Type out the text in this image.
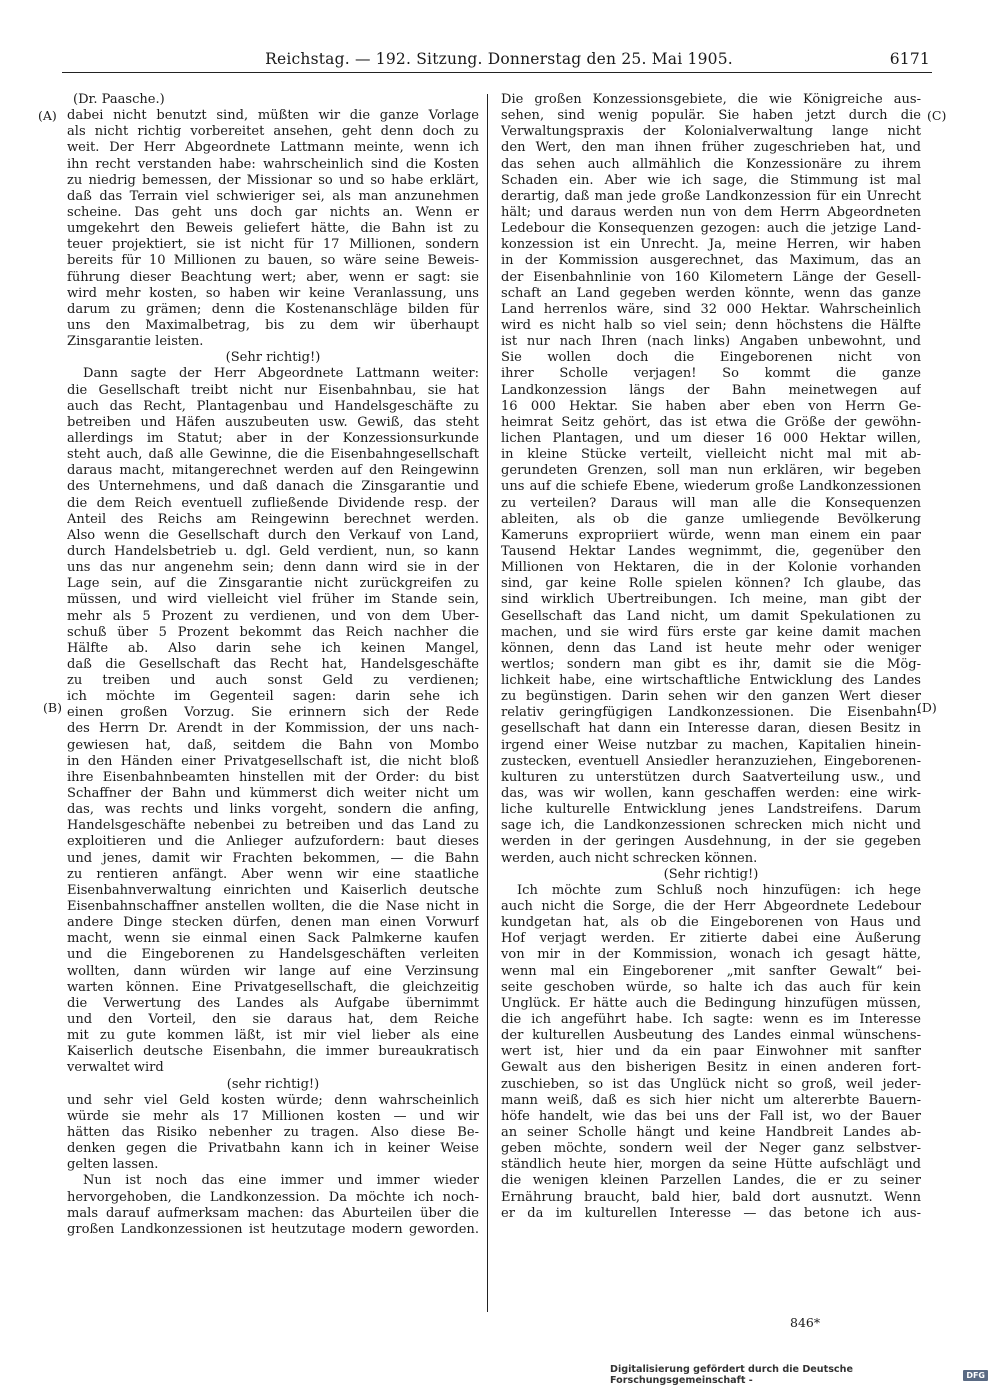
Reichstag. — 192. Sitzung. Donnerstag den 25. Mai 1905.	6171
(A)
(B)
(C)
(D)
(Dr. Paasche.)
dabei nicht benutzt sind, müßten wir die ganze Vorlage
als nicht richtig vorbereitet ansehen, geht denn doch zu
weit. Der Herr Abgeordnete Lattmann meinte, wenn ich
ihn recht verstanden habe: wahrscheinlich sind die Kosten
zu niedrig bemessen, der Missionar so und so habe erklärt,
daß das Terrain viel schwieriger sei, als man anzunehmen
scheine. Das geht uns doch gar nichts an. Wenn er
umgekehrt den Beweis geliefert hätte, die Bahn ist zu
teuer projektiert, sie ist nicht für 17 Millionen, sondern
bereits für 10 Millionen zu bauen, so wäre seine Beweis-
führung dieser Beachtung wert; aber, wenn er sagt: sie
wird mehr kosten, so haben wir keine Veranlassung, uns
darum zu grämen; denn die Kostenanschläge bilden für
uns den Maximalbetrag, bis zu dem wir überhaupt
Zinsgarantie leisten.
(Sehr richtig!)
Dann sagte der Herr Abgeordnete Lattmann weiter:
die Gesellschaft treibt nicht nur Eisenbahnbau, sie hat
auch das Recht, Plantagenbau und Handelsgeschäfte zu
betreiben und Häfen auszubeuten usw. Gewiß, das steht
allerdings im Statut; aber in der Konzessionsurkunde
steht auch, daß alle Gewinne, die die Eisenbahngesellschaft
daraus macht, mitangerechnet werden auf den Reingewinn
des Unternehmens, und daß danach die Zinsgarantie und
die dem Reich eventuell zufließende Dividende resp. der
Anteil des Reichs am Reingewinn berechnet werden.
Also wenn die Gesellschaft durch den Verkauf von Land,
durch Handelsbetrieb u. dgl. Geld verdient, nun, so kann
uns das nur angenehm sein; denn dann wird sie in der
Lage sein, auf die Zinsgarantie nicht zurückgreifen zu
müssen, und wird vielleicht viel früher im Stande sein,
mehr als 5 Prozent zu verdienen, und von dem Über-
schuß über 5 Prozent bekommt das Reich nachher die
Hälfte ab. Also darin sehe ich keinen Mangel,
daß die Gesellschaft das Recht hat, Handelsgeschäfte
zu treiben und auch sonst Geld zu verdienen;
ich möchte im Gegenteil sagen: darin sehe ich
einen großen Vorzug. Sie erinnern sich der Rede
des Herrn Dr. Arendt in der Kommission, der uns nach-
gewiesen hat, daß, seitdem die Bahn von Mombo
in den Händen einer Privatgesellschaft ist, die nicht bloß
ihre Eisenbahnbeamten hinstellen mit der Order: du bist
Schaffner der Bahn und kümmerst dich weiter nicht um
das, was rechts und links vorgeht, sondern die anfing,
Handelsgeschäfte nebenbei zu betreiben und das Land zu
exploitieren und die Anlieger aufzufordern: baut dieses
und jenes, damit wir Frachten bekommen, — die Bahn
zu rentieren anfängt. Aber wenn wir eine staatliche
Eisenbahnverwaltung einrichten und Kaiserlich deutsche
Eisenbahnschaffner anstellen wollten, die die Nase nicht in
andere Dinge stecken dürfen, denen man einen Vorwurf
macht, wenn sie einmal einen Sack Palmkerne kaufen
und die Eingeborenen zu Handelsgeschäften verleiten
wollten, dann würden wir lange auf eine Verzinsung
warten können. Eine Privatgesellschaft, die gleichzeitig
die Verwertung des Landes als Aufgabe übernimmt
und den Vorteil, den sie daraus hat, dem Reiche
mit zu gute kommen läßt, ist mir viel lieber als eine
Kaiserlich deutsche Eisenbahn, die immer bureaukratisch
verwaltet wird
(sehr richtig!)
und sehr viel Geld kosten würde; denn wahrscheinlich
würde sie mehr als 17 Millionen kosten — und wir
hätten das Risiko nebenher zu tragen. Also diese Be-
denken gegen die Privatbahn kann ich in keiner Weise
gelten lassen.
Nun ist noch das eine immer und immer wieder
hervorgehoben, die Landkonzession. Da möchte ich noch-
mals darauf aufmerksam machen: das Aburteilen über die
großen Landkonzessionen ist heutzutage modern geworden.
Die großen Konzessionsgebiete, die wie Königreiche aus-
sehen, sind wenig populär. Sie haben jetzt durch die
Verwaltungspraxis der Kolonialverwaltung lange nicht
den Wert, den man ihnen früher zugeschrieben hat, und
das sehen auch allmählich die Konzessionäre zu ihrem
Schaden ein. Aber wie ich sage, die Stimmung ist mal
derartig, daß man jede große Landkonzession für ein Unrecht
hält; und daraus werden nun von dem Herrn Abgeordneten
Ledebour die Konsequenzen gezogen: auch die jetzige Land-
konzession ist ein Unrecht. Ja, meine Herren, wir haben
in der Kommission ausgerechnet, das Maximum, das an
der Eisenbahnlinie von 160 Kilometern Länge der Gesell-
schaft an Land gegeben werden könnte, wenn das ganze
Land herrenlos wäre, sind 32 000 Hektar. Wahrscheinlich
wird es nicht halb so viel sein; denn höchstens die Hälfte
ist nur nach Ihren (nach links) Angaben unbewohnt, und
Sie wollen doch die Eingeborenen nicht von
ihrer Scholle verjagen! So kommt die ganze
Landkonzession längs der Bahn meinetwegen auf
16 000 Hektar. Sie haben aber eben von Herrn Ge-
heimrat Seitz gehört, das ist etwa die Größe der gewöhn-
lichen Plantagen, und um dieser 16 000 Hektar willen,
in kleine Stücke verteilt, vielleicht nicht mal mit ab-
gerundeten Grenzen, soll man nun erklären, wir begeben
uns auf die schiefe Ebene, wiederum große Landkonzessionen
zu verteilen? Daraus will man alle die Konsequenzen
ableiten, als ob die ganze umliegende Bevölkerung
Kameruns expropriiert würde, wenn man einem ein paar
Tausend Hektar Landes wegnimmt, die, gegenüber den
Millionen von Hektaren, die in der Kolonie vorhanden
sind, gar keine Rolle spielen können? Ich glaube, das
sind wirklich Übertreibungen. Ich meine, man gibt der
Gesellschaft das Land nicht, um damit Spekulationen zu
machen, und sie wird fürs erste gar keine damit machen
können, denn das Land ist heute mehr oder weniger
wertlos; sondern man gibt es ihr, damit sie die Mög-
lichkeit habe, eine wirtschaftliche Entwicklung des Landes
zu begünstigen. Darin sehen wir den ganzen Wert dieser
relativ geringfügigen Landkonzessionen. Die Eisenbahn-
gesellschaft hat dann ein Interesse daran, diesen Besitz in
irgend einer Weise nutzbar zu machen, Kapitalien hinein-
zustecken, eventuell Ansiedler heranzuziehen, Eingeborenen-
kulturen zu unterstützen durch Saatverteilung usw., und
das, was wir wollen, kann geschaffen werden: eine wirk-
liche kulturelle Entwicklung jenes Landstreifens. Darum
sage ich, die Landkonzessionen schrecken mich nicht und
werden in der geringen Ausdehnung, in der sie gegeben
werden, auch nicht schrecken können.
(Sehr richtig!)
Ich möchte zum Schluß noch hinzufügen: ich hege
auch nicht die Sorge, die der Herr Abgeordnete Ledebour
kundgetan hat, als ob die Eingeborenen von Haus und
Hof verjagt werden. Er zitierte dabei eine Äußerung
von mir in der Kommission, wonach ich gesagt hätte,
wenn mal ein Eingeborener „mit sanfter Gewalt“ bei-
seite geschoben würde, so halte ich das auch für kein
Unglück. Er hätte auch die Bedingung hinzufügen müssen,
die ich angeführt habe. Ich sagte: wenn es im Interesse
der kulturellen Ausbeutung des Landes einmal wünschens-
wert ist, hier und da ein paar Einwohner mit sanfter
Gewalt aus den bisherigen Besitz in einen anderen fort-
zuschieben, so ist das Unglück nicht so groß, weil jeder-
mann weiß, daß es sich hier nicht um altererbte Bauern-
höfe handelt, wie das bei uns der Fall ist, wo der Bauer
an seiner Scholle hängt und keine Handbreit Landes ab-
geben möchte, sondern weil der Neger ganz selbstver-
ständlich heute hier, morgen da seine Hütte aufschlägt und
die wenigen kleinen Parzellen Landes, die er zu seiner
Ernährung braucht, bald hier, bald dort ausnutzt. Wenn
er da im kulturellen Interesse — das betone ich aus-
846*
Digitalisierung gefördert durch die Deutsche Forschungsgemeinschaft -	DFG
